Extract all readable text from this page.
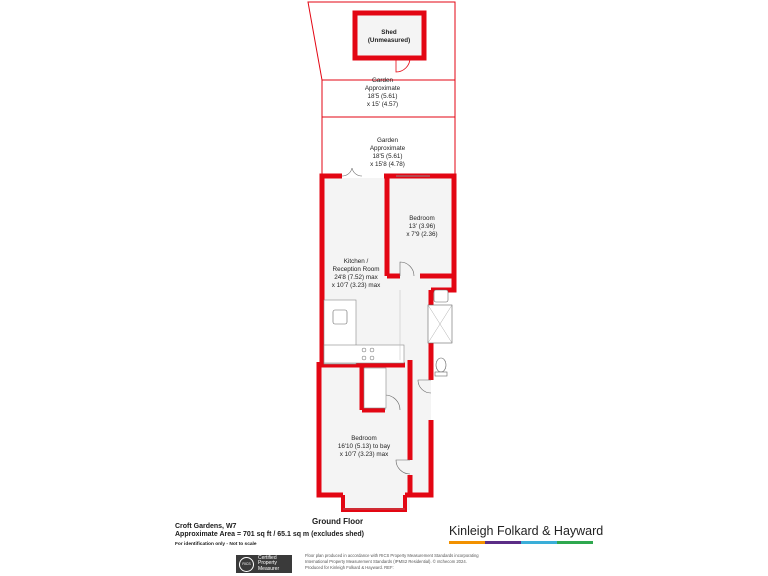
Shed
(Unmeasured)
Garden
Approximate
18'5 (5.61)
x 15' (4.57)
Garden
Approximate
18'5 (5.61)
x 15'8 (4.78)
Bedroom
13' (3.96)
x 7'9 (2.36)
Kitchen /
Reception Room
24'8 (7.52) max
x 10'7 (3.23) max
Bedroom
16'10 (5.13) to bay
x 10'7 (3.23) max
Ground Floor
Croft Gardens, W7
Approximate Area = 701 sq ft / 65.1 sq m (excludes shed)
For identification only - Not to scale
RICS
Certified
Property
Measurer
Floor plan produced in accordance with RICS Property Measurement Standards incorporating
International Property Measurement Standards (IPMS2 Residential). © ntchecom 2024.
Produced for Kinleigh Folkard & Hayward. REF:
Kinleigh Folkard & Hayward
